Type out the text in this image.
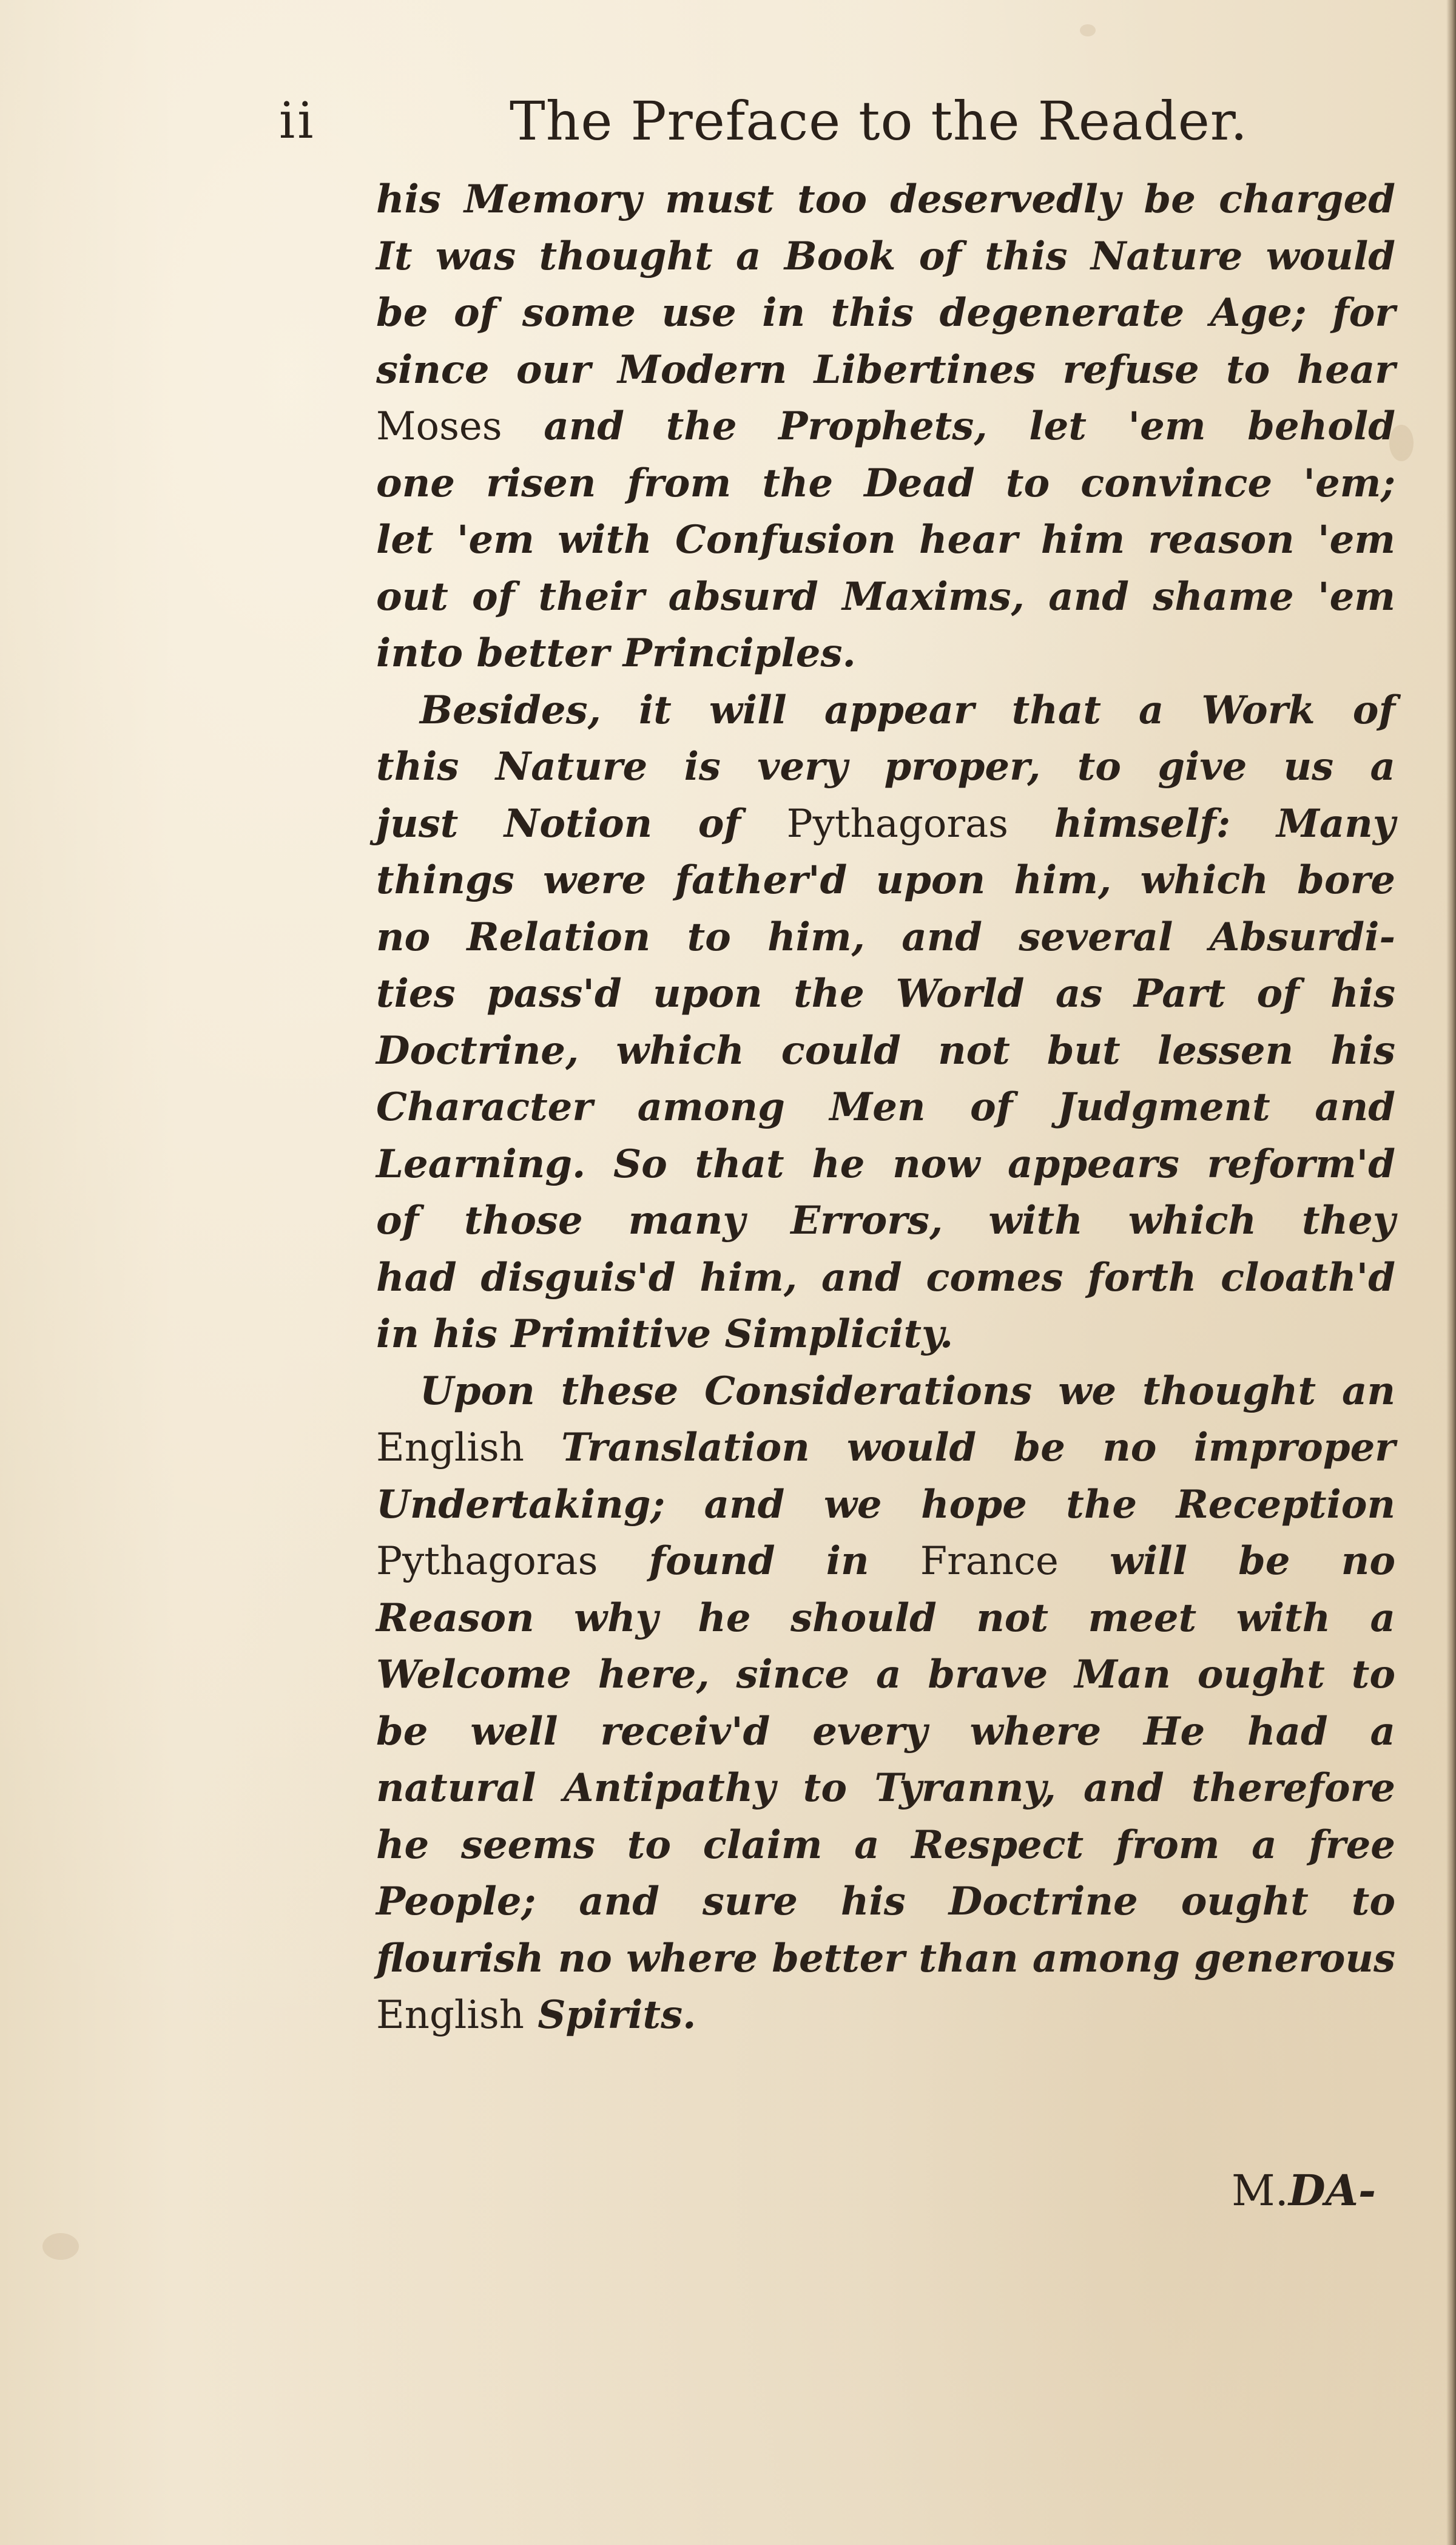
ii	The Preface to the Reader.
his Memory must too deservedly be charged
It was thought a Book of this Nature would
be of some use in this degenerate Age; for
since our Modern Libertines refuse to hear
Moses and the Prophets, let 'em behold
one risen from the Dead to convince 'em;
let 'em with Confusion hear him reason 'em
out of their absurd Maxims, and shame 'em
into better Principles.
Besides, it will appear that a Work of
this Nature is very proper, to give us a
just Notion of Pythagoras himself: Many
things were father'd upon him, which bore
no Relation to him, and several Absurdi-
ties pass'd upon the World as Part of his
Doctrine, which could not but lessen his
Character among Men of Judgment and
Learning. So that he now appears reform'd
of those many Errors, with which they
had disguis'd him, and comes forth cloath'd
in his Primitive Simplicity.
Upon these Considerations we thought an
English Translation would be no improper
Undertaking; and we hope the Reception
Pythagoras found in France will be no
Reason why he should not meet with a
Welcome here, since a brave Man ought to
be well receiv'd every where He had a
natural Antipathy to Tyranny, and therefore
he seems to claim a Respect from a free
People; and sure his Doctrine ought to
flourish no where better than among generous
English Spirits.
M.DA-
